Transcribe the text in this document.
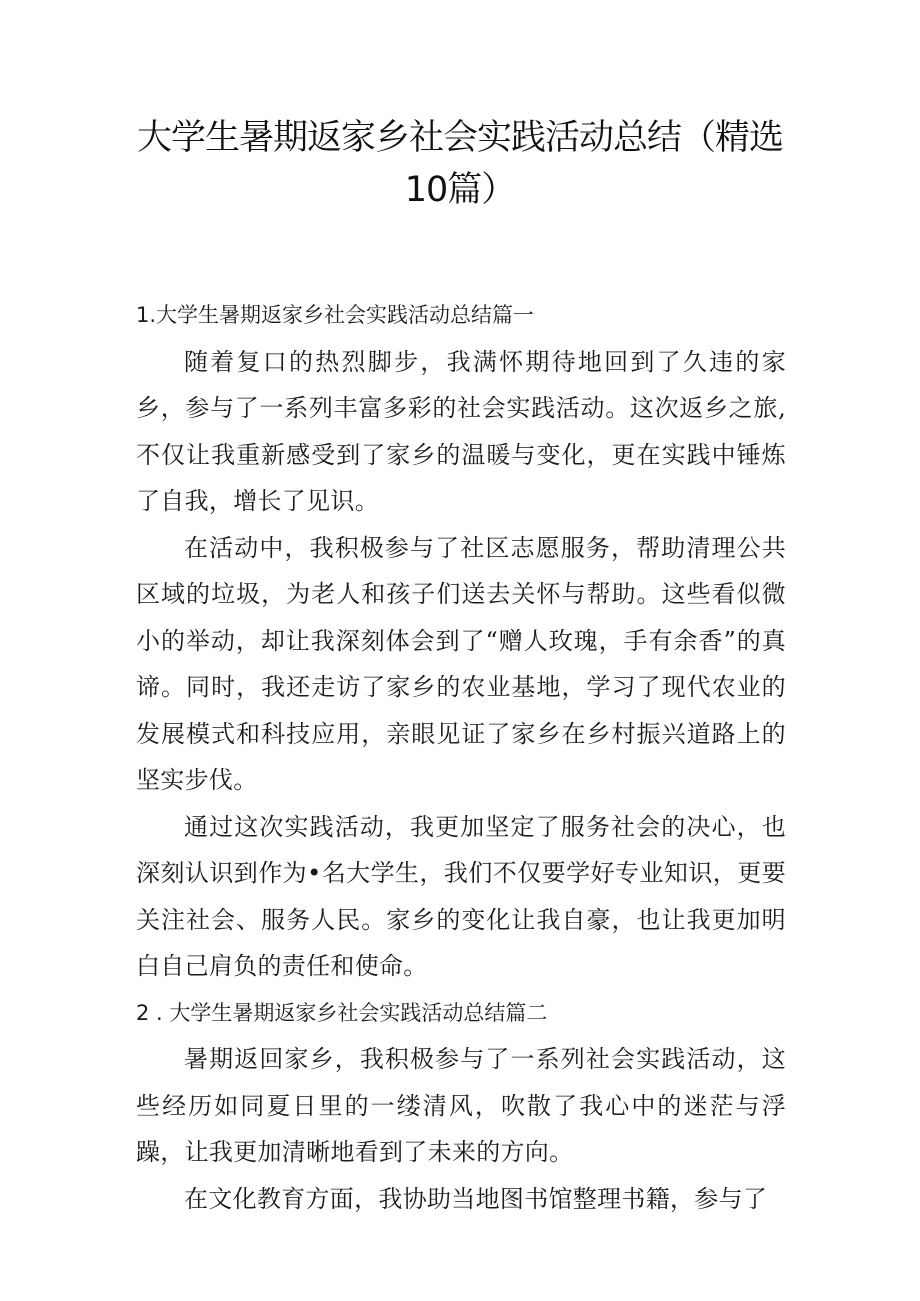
大学生暑期返家乡社会实践活动总结（精选
10篇）

1.大学生暑期返家乡社会实践活动总结篇一

随着复口的热烈脚步，我满怀期待地回到了久违的家乡，参与了一系列丰富多彩的社会实践活动。这次返乡之旅,不仅让我重新感受到了家乡的温暖与变化，更在实践中锤炼了自我，增长了见识。

在活动中，我积极参与了社区志愿服务，帮助清理公共区域的垃圾，为老人和孩子们送去关怀与帮助。这些看似微小的举动，却让我深刻体会到了“赠人玫瑰，手有余香”的真谛。同时，我还走访了家乡的农业基地，学习了现代农业的发展模式和科技应用，亲眼见证了家乡在乡村振兴道路上的坚实步伐。

通过这次实践活动，我更加坚定了服务社会的决心，也深刻认识到作为•名大学生，我们不仅要学好专业知识，更要关注社会、服务人民。家乡的变化让我自豪，也让我更加明白自己肩负的责任和使命。

2 . 大学生暑期返家乡社会实践活动总结篇二

暑期返回家乡，我积极参与了一系列社会实践活动，这些经历如同夏日里的一缕清风，吹散了我心中的迷茫与浮躁，让我更加清晰地看到了未来的方向。

在文化教育方面，我协助当地图书馆整理书籍，参与了
